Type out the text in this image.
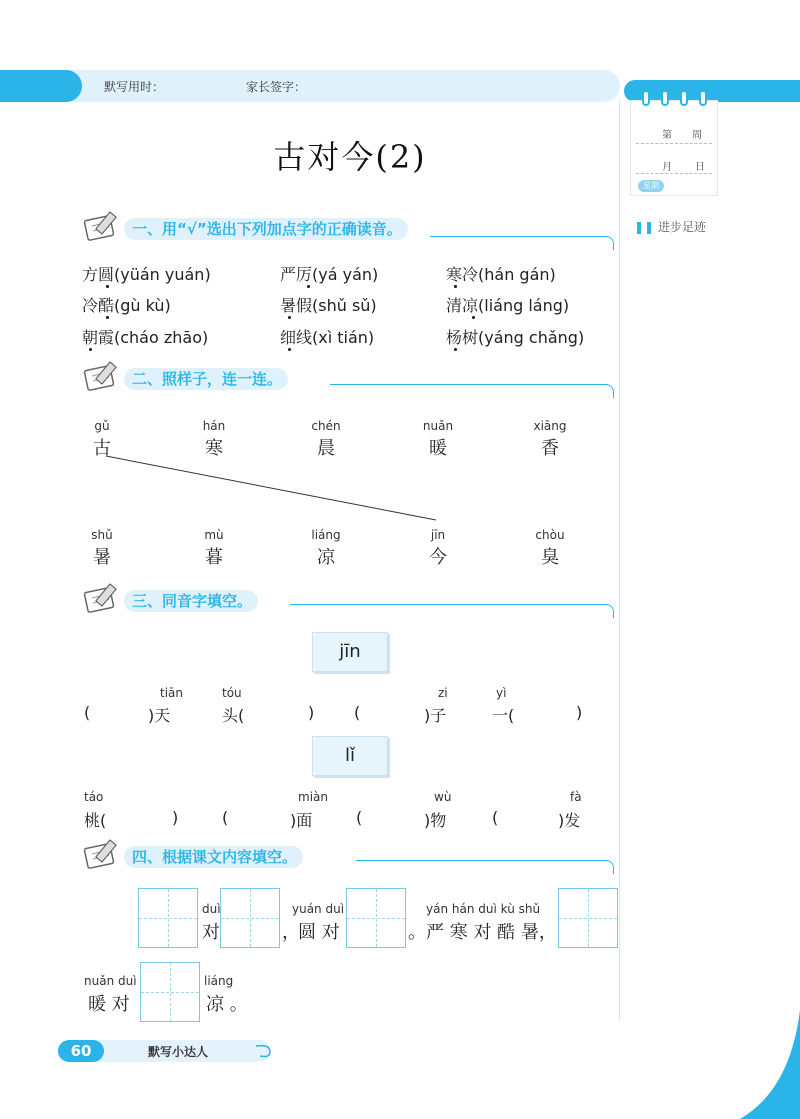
默写用时：	家长签字：
第 周
月 日
星期
❚❚ 进步足迹
古对今(2)
一、用“√”选出下列加点字的正确读音。
方圆(yüán yuán)	严厉(yá yán)	寒冷(hán gán)
冷酷(gù kù)	暑假(shǔ sǔ)	清凉(liáng láng)
朝霞(cháo zhāo)	细线(xì tián)	杨树(yáng chǎng)
二、照样子，连一连。
gǔ
古
hán
寒
chén
晨
nuǎn
暖
xiāng
香
shǔ
暑
mù
暮
liáng
凉
jīn
今
chòu
臭
三、同音字填空。
jīn
tiān	tóu	zi	yì
(	)天	头(	) (	)子	一(	)
lǐ
táo	miàn	wù	fà
桃(	)	(	)面	(	)物	(	)发
四、根据课文内容填空。
duì
对	，
yuán duì
圆 对	。
yán hán duì kù shǔ
严 寒 对 酷 暑，
nuǎn duì
暖 对
liáng
凉 。
60	默写小达人
